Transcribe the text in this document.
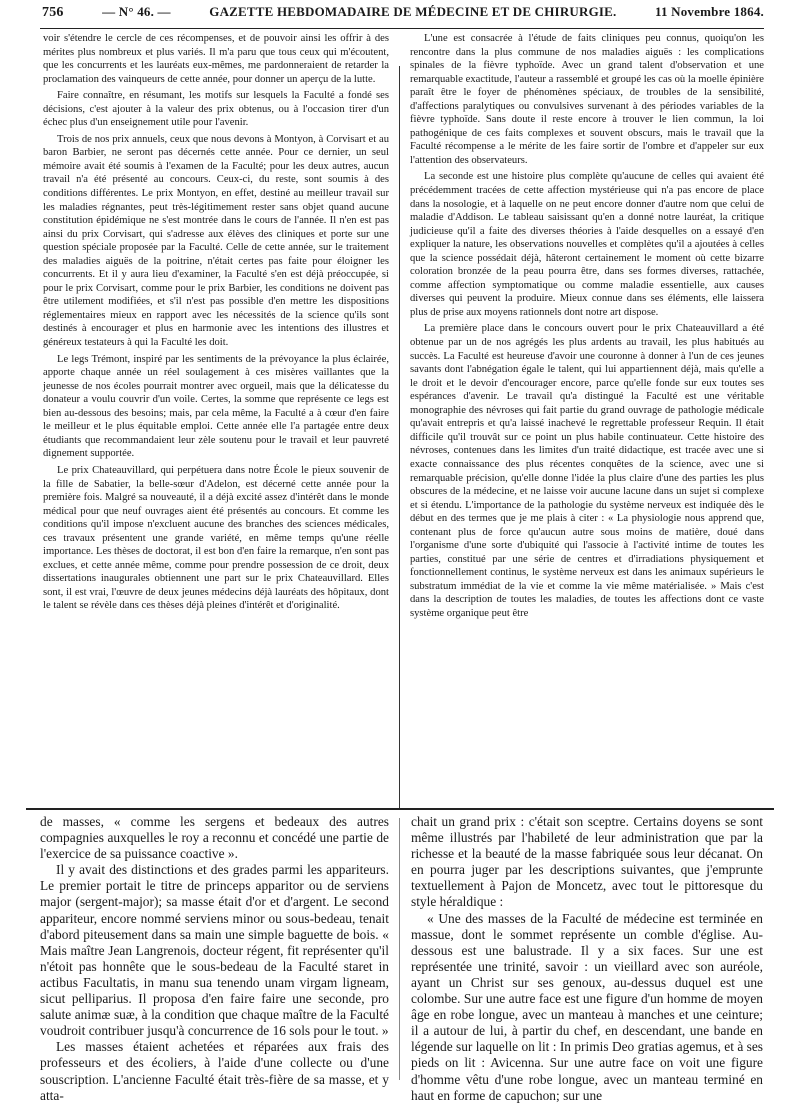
756	— N° 46. —	GAZETTE HEBDOMADAIRE DE MÉDECINE ET DE CHIRURGIE.	11 Novembre 1864.

voir s'étendre le cercle de ces récompenses, et de pouvoir ainsi les offrir à des mérites plus nombreux et plus variés. Il m'a paru que tous ceux qui m'écoutent, que les concurrents et les lauréats eux-mêmes, me pardonneraient de retarder la proclamation des vainqueurs de cette année, pour donner un aperçu de la lutte.

Faire connaître, en résumant, les motifs sur lesquels la Faculté a fondé ses décisions, c'est ajouter à la valeur des prix obtenus, ou à l'occasion tirer d'un échec plus d'un enseignement utile pour l'avenir.

Trois de nos prix annuels, ceux que nous devons à Montyon, à Corvisart et au baron Barbier, ne seront pas décernés cette année. Pour ce dernier, un seul mémoire avait été soumis à l'examen de la Faculté; pour les deux autres, aucun travail n'a été présenté au concours. Ceux-ci, du reste, sont soumis à des conditions différentes. Le prix Montyon, en effet, destiné au meilleur travail sur les maladies régnantes, peut très-légitimement rester sans objet quand aucune constitution épidémique ne s'est montrée dans le cours de l'année. Il n'en est pas ainsi du prix Corvisart, qui s'adresse aux élèves des cliniques et porte sur une question spéciale proposée par la Faculté. Celle de cette année, sur le traitement des maladies aiguës de la poitrine, n'était certes pas faite pour éloigner les concurrents. Et il y aura lieu d'examiner, la Faculté s'en est déjà préoccupée, si pour le prix Corvisart, comme pour le prix Barbier, les conditions ne doivent pas être utilement modifiées, et s'il n'est pas possible d'en mettre les dispositions réglementaires mieux en rapport avec les nécessités de la science qu'ils sont destinés à encourager et plus en harmonie avec les intentions des illustres et généreux testateurs à qui la Faculté les doit.

Le legs Trémont, inspiré par les sentiments de la prévoyance la plus éclairée, apporte chaque année un réel soulagement à ces misères vaillantes que la jeunesse de nos écoles pourrait montrer avec orgueil, mais que la délicatesse du donateur a voulu couvrir d'un voile. Certes, la somme que représente ce legs est bien au-dessous des besoins; mais, par cela même, la Faculté a à cœur d'en faire le meilleur et le plus équitable emploi. Cette année elle l'a partagée entre deux étudiants que recommandaient leur zèle soutenu pour le travail et leur pauvreté dignement supportée.

Le prix Chateauvillard, qui perpétuera dans notre École le pieux souvenir de la fille de Sabatier, la belle-sœur d'Adelon, est décerné cette année pour la première fois. Malgré sa nouveauté, il a déjà excité assez d'intérêt dans le monde médical pour que neuf ouvrages aient été présentés au concours. Et comme les conditions qu'il impose n'excluent aucune des branches des sciences médicales, ces travaux présentent une grande variété, en même temps qu'une réelle importance. Les thèses de doctorat, il est bon d'en faire la remarque, n'en sont pas exclues, et cette année même, comme pour prendre possession de ce droit, deux dissertations inaugurales obtiennent une part sur le prix Chateauvillard. Elles sont, il est vrai, l'œuvre de deux jeunes médecins déjà lauréats des hôpitaux, dont le talent se révèle dans ces thèses déjà pleines d'intérêt et d'originalité.

L'une est consacrée à l'étude de faits cliniques peu connus, quoiqu'on les rencontre dans la plus commune de nos maladies aiguës : les complications spinales de la fièvre typhoïde. Avec un grand talent d'observation et une remarquable exactitude, l'auteur a rassemblé et groupé les cas où la moelle épinière paraît être le foyer de phénomènes spéciaux, de troubles de la sensibilité, d'affections paralytiques ou convulsives survenant à des périodes variables de la fièvre typhoïde. Sans doute il reste encore à trouver le lien commun, la loi pathogénique de ces faits complexes et souvent obscurs, mais le travail que la Faculté récompense a le mérite de les faire sortir de l'ombre et d'appeler sur eux l'attention des observateurs.

La seconde est une histoire plus complète qu'aucune de celles qui avaient été précédemment tracées de cette affection mystérieuse qui n'a pas encore de place dans la nosologie, et à laquelle on ne peut encore donner d'autre nom que celui de maladie d'Addison. Le tableau saisissant qu'en a donné notre lauréat, la critique judicieuse qu'il a faite des diverses théories à l'aide desquelles on a essayé d'en expliquer la nature, les observations nouvelles et complètes qu'il a ajoutées à celles que la science possédait déjà, hâteront certainement le moment où cette bizarre coloration bronzée de la peau pourra être, dans ses formes diverses, rattachée, comme affection symptomatique ou comme maladie essentielle, aux causes diverses qui peuvent la produire. Mieux connue dans ses éléments, elle laissera plus de prise aux moyens rationnels dont notre art dispose.

La première place dans le concours ouvert pour le prix Chateauvillard a été obtenue par un de nos agrégés les plus ardents au travail, les plus habitués au succès. La Faculté est heureuse d'avoir une couronne à donner à l'un de ces jeunes savants dont l'abnégation égale le talent, qui lui appartiennent déjà, mais qu'elle a le droit et le devoir d'encourager encore, parce qu'elle fonde sur eux toutes ses espérances d'avenir. Le travail qu'a distingué la Faculté est une véritable monographie des névroses qui fait partie du grand ouvrage de pathologie médicale qu'avait entrepris et qu'a laissé inachevé le regrettable professeur Requin. Il était difficile qu'il trouvât sur ce point un plus habile continuateur. Cette histoire des névroses, contenues dans les limites d'un traité didactique, est tracée avec une si exacte connaissance des plus récentes conquêtes de la science, avec une si remarquable précision, qu'elle donne l'idée la plus claire d'une des parties les plus obscures de la médecine, et ne laisse voir aucune lacune dans un sujet si complexe et si étendu. L'importance de la pathologie du système nerveux est indiquée dès le début en des termes que je me plais à citer : « La physiologie nous apprend que, contenant plus de force qu'aucun autre sous moins de matière, doué dans l'organisme d'une sorte d'ubiquité qui l'associe à l'activité intime de toutes les parties, constitué par une série de centres et d'irradiations physiquement et fonctionnellement continus, le système nerveux est dans les animaux supérieurs le substratum immédiat de la vie et comme la vie même matérialisée. » Mais c'est dans la description de toutes les maladies, de toutes les affections dont ce vaste système organique peut être

de masses, « comme les sergens et bedeaux des autres compagnies auxquelles le roy a reconnu et concédé une partie de l'exercice de sa puissance coactive ».

Il y avait des distinctions et des grades parmi les appariteurs. Le premier portait le titre de princeps apparitor ou de serviens major (sergent-major); sa masse était d'or et d'argent. Le second appariteur, encore nommé serviens minor ou sous-bedeau, tenait d'abord piteusement dans sa main une simple baguette de bois. « Mais maître Jean Langrenois, docteur régent, fit représenter qu'il n'étoit pas honnête que le sous-bedeau de la Faculté staret in actibus Facultatis, in manu sua tenendo unam virgam ligneam, sicut pelliparius. Il proposa d'en faire faire une seconde, pro salute animæ suæ, à la condition que chaque maître de la Faculté voudroit contribuer jusqu'à concurrence de 16 sols pour le tout. »

Les masses étaient achetées et réparées aux frais des professeurs et des écoliers, à l'aide d'une collecte ou d'une souscription. L'ancienne Faculté était très-fière de sa masse, et y atta-

chait un grand prix : c'était son sceptre. Certains doyens se sont même illustrés par l'habileté de leur administration que par la richesse et la beauté de la masse fabriquée sous leur décanat. On en pourra juger par les descriptions suivantes, que j'emprunte textuellement à Pajon de Moncetz, avec tout le pittoresque du style héraldique :

« Une des masses de la Faculté de médecine est terminée en massue, dont le sommet représente un comble d'église. Au-dessous est une balustrade. Il y a six faces. Sur une est représentée une trinité, savoir : un vieillard avec son auréole, ayant un Christ sur ses genoux, au-dessus duquel est une colombe. Sur une autre face est une figure d'un homme de moyen âge en robe longue, avec un manteau à manches et une ceinture; il a autour de lui, à partir du chef, en descendant, une bande en légende sur laquelle on lit : In primis Deo gratias agemus, et à ses pieds on lit : Avicenna. Sur une autre face on voit une figure d'homme vêtu d'une robe longue, avec un manteau terminé en haut en forme de capuchon; sur une
